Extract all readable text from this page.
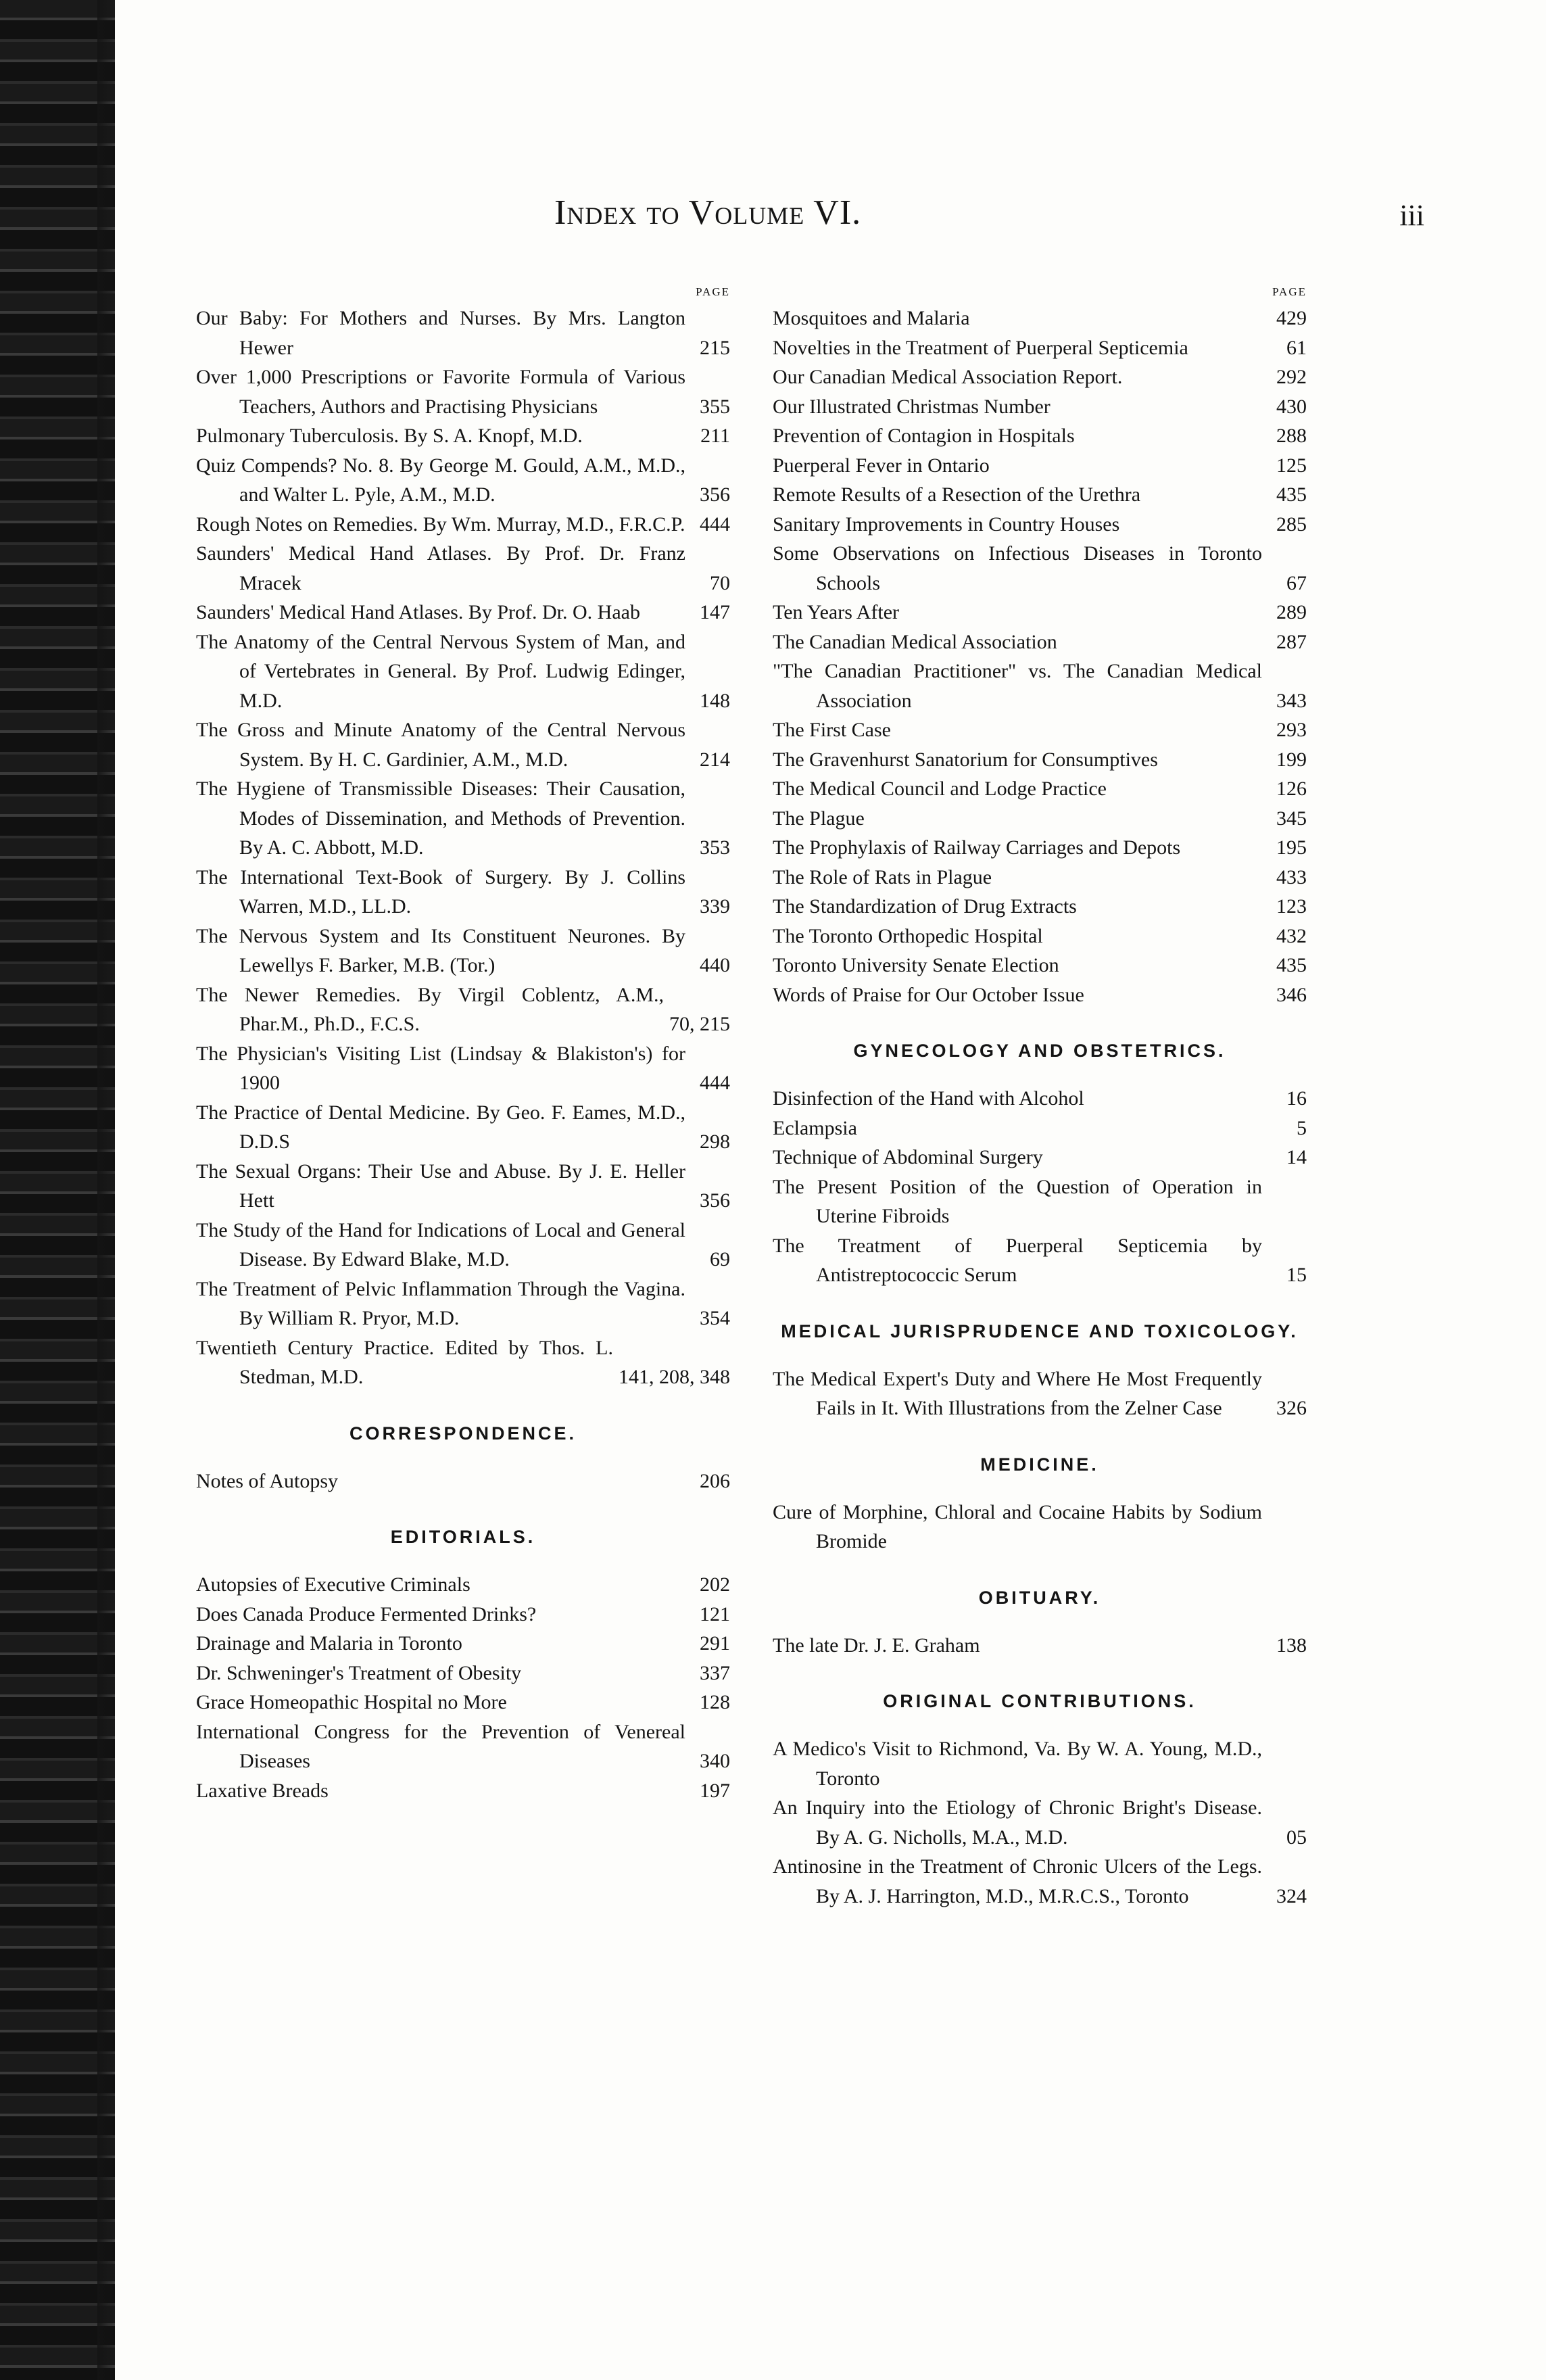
Index to Volume VI.	iii
PAGE
Our Baby: For Mothers and Nurses. By Mrs. Langton Hewer	215
Over 1,000 Prescriptions or Favorite Formula of Various Teachers, Authors and Practising Physicians	355
Pulmonary Tuberculosis. By S. A. Knopf, M.D.	211
Quiz Compends? No. 8. By George M. Gould, A.M., M.D., and Walter L. Pyle, A.M., M.D.	356
Rough Notes on Remedies. By Wm. Murray, M.D., F.R.C.P. 444
Saunders' Medical Hand Atlases. By Prof. Dr. Franz Mracek	70
Saunders' Medical Hand Atlases. By Prof. Dr. O. Haab	147
The Anatomy of the Central Nervous System of Man, and of Vertebrates in General. By Prof. Ludwig Edinger, M.D.	148
The Gross and Minute Anatomy of the Central Nervous System. By H. C. Gardinier, A.M., M.D.	214
The Hygiene of Transmissible Diseases: Their Causation, Modes of Dissemination, and Methods of Prevention. By A. C. Abbott, M.D.	353
The International Text-Book of Surgery. By J. Collins Warren, M.D., LL.D.	339
The Nervous System and Its Constituent Neurones. By Lewellys F. Barker, M.B. (Tor.)	440
The Newer Remedies. By Virgil Coblentz, A.M., Phar.M., Ph.D., F.C.S.	70, 215
The Physician's Visiting List (Lindsay & Blakiston's) for 1900	444
The Practice of Dental Medicine. By Geo. F. Eames, M.D., D.D.S	298
The Sexual Organs: Their Use and Abuse. By J. E. Heller Hett	356
The Study of the Hand for Indications of Local and General Disease. By Edward Blake, M.D.	69
The Treatment of Pelvic Inflammation Through the Vagina. By William R. Pryor, M.D.	354
Twentieth Century Practice. Edited by Thos. L. Stedman, M.D.	141, 208, 348
CORRESPONDENCE.
Notes of Autopsy	206
EDITORIALS.
Autopsies of Executive Criminals	202
Does Canada Produce Fermented Drinks?	121
Drainage and Malaria in Toronto	291
Dr. Schweninger's Treatment of Obesity	337
Grace Homeopathic Hospital no More	128
International Congress for the Prevention of Venereal Diseases	340
Laxative Breads	197
PAGE
Mosquitoes and Malaria	429
Novelties in the Treatment of Puerperal Septicemia	61
Our Canadian Medical Association Report.	292
Our Illustrated Christmas Number	430
Prevention of Contagion in Hospitals	288
Puerperal Fever in Ontario	125
Remote Results of a Resection of the Urethra	435
Sanitary Improvements in Country Houses	285
Some Observations on Infectious Diseases in Toronto Schools	67
Ten Years After	289
The Canadian Medical Association	287
"The Canadian Practitioner" vs. The Canadian Medical Association	343
The First Case	293
The Gravenhurst Sanatorium for Consumptives	199
The Medical Council and Lodge Practice	126
The Plague	345
The Prophylaxis of Railway Carriages and Depots	195
The Role of Rats in Plague	433
The Standardization of Drug Extracts	123
The Toronto Orthopedic Hospital	432
Toronto University Senate Election	435
Words of Praise for Our October Issue	346
GYNECOLOGY AND OBSTETRICS.
Disinfection of the Hand with Alcohol	16
Eclampsia	5
Technique of Abdominal Surgery	14
The Present Position of the Question of Operation in Uterine Fibroids
The Treatment of Puerperal Septicemia by Antistreptococcic Serum	15
MEDICAL JURISPRUDENCE AND TOXICOLOGY.
The Medical Expert's Duty and Where He Most Frequently Fails in It. With Illustrations from the Zelner Case	326
MEDICINE.
Cure of Morphine, Chloral and Cocaine Habits by Sodium Bromide
OBITUARY.
The late Dr. J. E. Graham	138
ORIGINAL CONTRIBUTIONS.
A Medico's Visit to Richmond, Va. By W. A. Young, M.D., Toronto
An Inquiry into the Etiology of Chronic Bright's Disease. By A. G. Nicholls, M.A., M.D.	05
Antinosine in the Treatment of Chronic Ulcers of the Legs. By A. J. Harrington, M.D., M.R.C.S., Toronto	324
